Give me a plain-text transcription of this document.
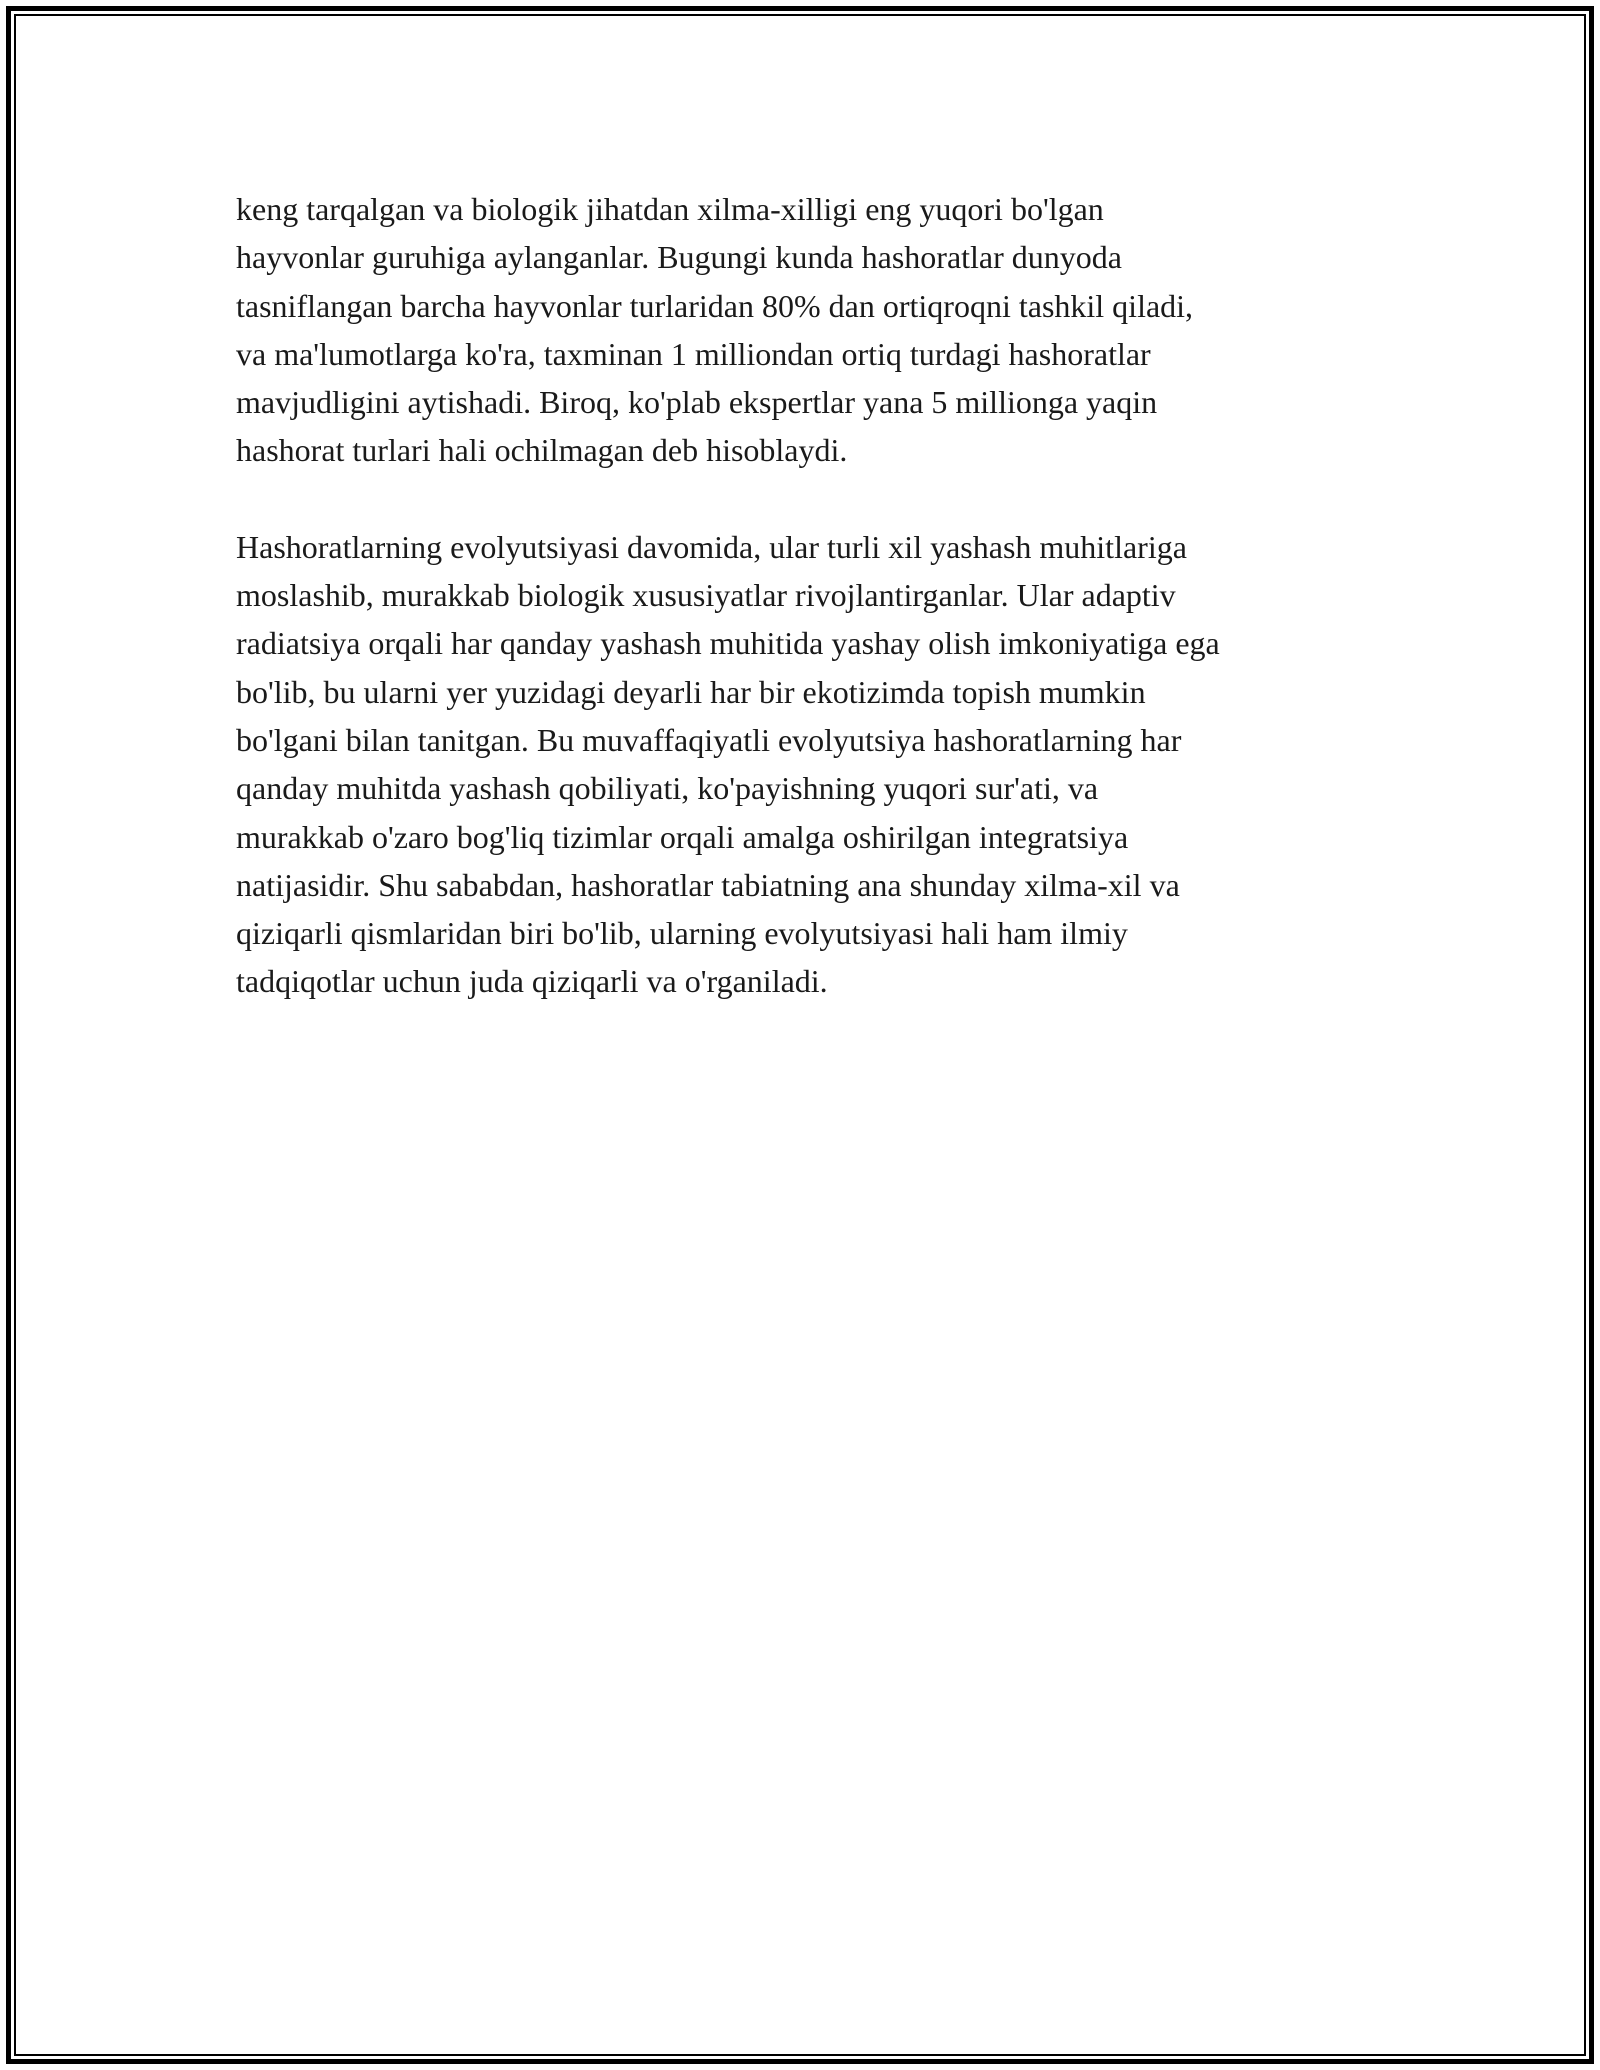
keng tarqalgan va biologik jihatdan xilma-xilligi eng yuqori bo'lgan
hayvonlar guruhiga aylanganlar. Bugungi kunda hashoratlar dunyoda
tasniflangan barcha hayvonlar turlaridan 80% dan ortiqroqni tashkil qiladi,
va ma'lumotlarga ko'ra, taxminan 1 milliondan ortiq turdagi hashoratlar
mavjudligini aytishadi. Biroq, ko'plab ekspertlar yana 5 millionga yaqin
hashorat turlari hali ochilmagan deb hisoblaydi.

Hashoratlarning evolyutsiyasi davomida, ular turli xil yashash muhitlariga
moslashib, murakkab biologik xususiyatlar rivojlantirganlar. Ular adaptiv
radiatsiya orqali har qanday yashash muhitida yashay olish imkoniyatiga ega
bo'lib, bu ularni yer yuzidagi deyarli har bir ekotizimda topish mumkin
bo'lgani bilan tanitgan. Bu muvaffaqiyatli evolyutsiya hashoratlarning har
qanday muhitda yashash qobiliyati, ko'payishning yuqori sur'ati, va
murakkab o'zaro bog'liq tizimlar orqali amalga oshirilgan integratsiya
natijasidir. Shu sababdan, hashoratlar tabiatning ana shunday xilma-xil va
qiziqarli qismlaridan biri bo'lib, ularning evolyutsiyasi hali ham ilmiy
tadqiqotlar uchun juda qiziqarli va o'rganiladi.
